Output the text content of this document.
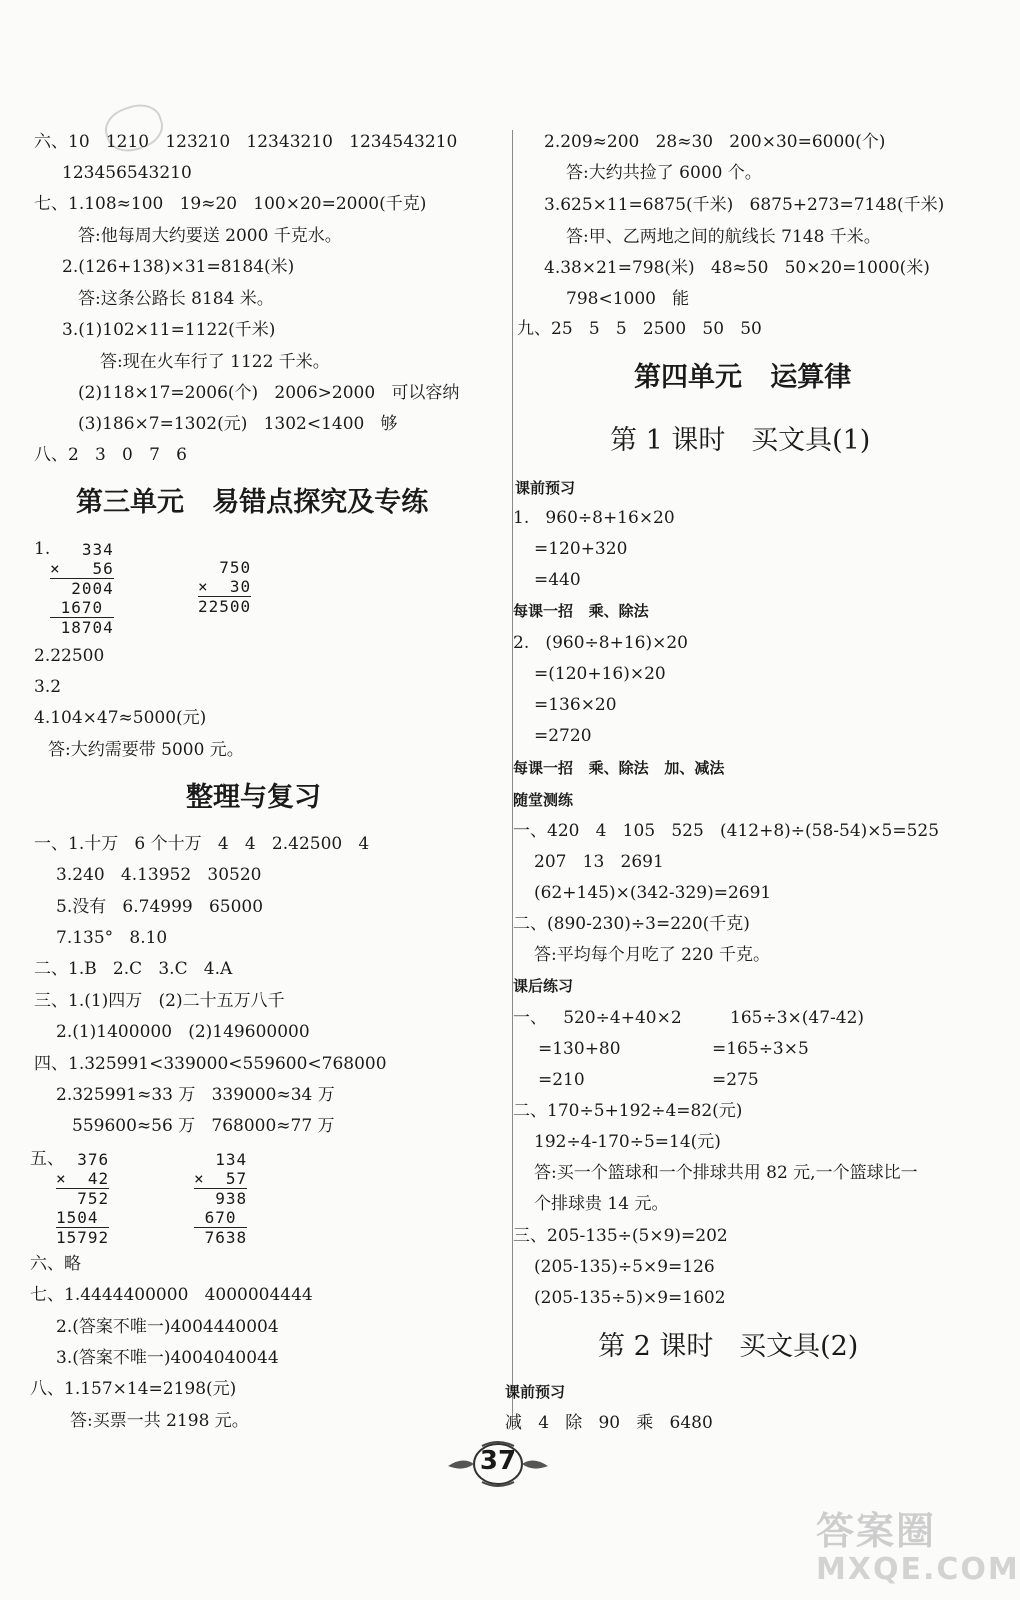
六、10   1210   123210   12343210   1234543210
123456543210
七、1.108≈100   19≈20   100×20=2000(千克)
答:他每周大约要送 2000 千克水。
2.(126+138)×31=8184(米)
答:这条公路长 8184 米。
3.(1)102×11=1122(千米)
答:现在火车行了 1122 千米。
(2)118×17=2006(个)   2006>2000   可以容纳
(3)186×7=1302(元)   1302<1400   够
八、2   3   0   7   6
2.22500
3.2
4.104×47≈5000(元)
答:大约需要带 5000 元。
一、1.十万   6 个十万   4   4   2.42500   4
3.240   4.13952   30520
5.没有   6.74999   65000
7.135°   8.10
二、1.B   2.C   3.C   4.A
三、1.(1)四万   (2)二十五万八千
2.(1)1400000   (2)149600000
四、1.325991<339000<559600<768000
2.325991≈33 万   339000≈34 万
559600≈56 万   768000≈77 万
五、
六、略
七、1.4444400000   4000004444
2.(答案不唯一)4004440004
3.(答案不唯一)4004040044
八、1.157×14=2198(元)
答:买票一共 2198 元。
第三单元   易错点探究及专练
整理与复习
2.209≈200   28≈30   200×30=6000(个)
答:大约共捡了 6000 个。
3.625×11=6875(千米)   6875+273=7148(千米)
答:甲、乙两地之间的航线长 7148 千米。
4.38×21=798(米)   48≈50   50×20=1000(米)
798<1000   能
九、25   5   5   2500   50   50
1.   960÷8+16×20
=120+320
=440
2.   (960÷8+16)×20
=(120+16)×20
=136×20
=2720
一、420   4   105   525   (412+8)÷(58-54)×5=525
207   13   2691
(62+145)×(342-329)=2691
二、(890-230)÷3=220(千克)
答:平均每个月吃了 220 千克。
一、   520÷4+40×2	165÷3×(47-42)
=130+80	=165÷3×5
=210	=275
二、170÷5+192÷4=82(元)
192÷4-170÷5=14(元)
答:买一个篮球和一个排球共用 82 元,一个篮球比一
个排球贵 14 元。
三、205-135÷(5×9)=202
(205-135)÷5×9=126
(205-135÷5)×9=1602
减   4   除   90   乘   6480
第四单元   运算律
课前预习
每课一招   乘、除法
每课一招   乘、除法   加、减法
随堂测练
课后练习
课前预习
第 1 课时   买文具(1)
第 2 课时   买文具(2)
1. 334
×   56
2004
1670
18704
750
×  30
22500
376
×  42
752
1504
15792
134
×  57
938
670
7638
37
答案圈
MXQE.COM
